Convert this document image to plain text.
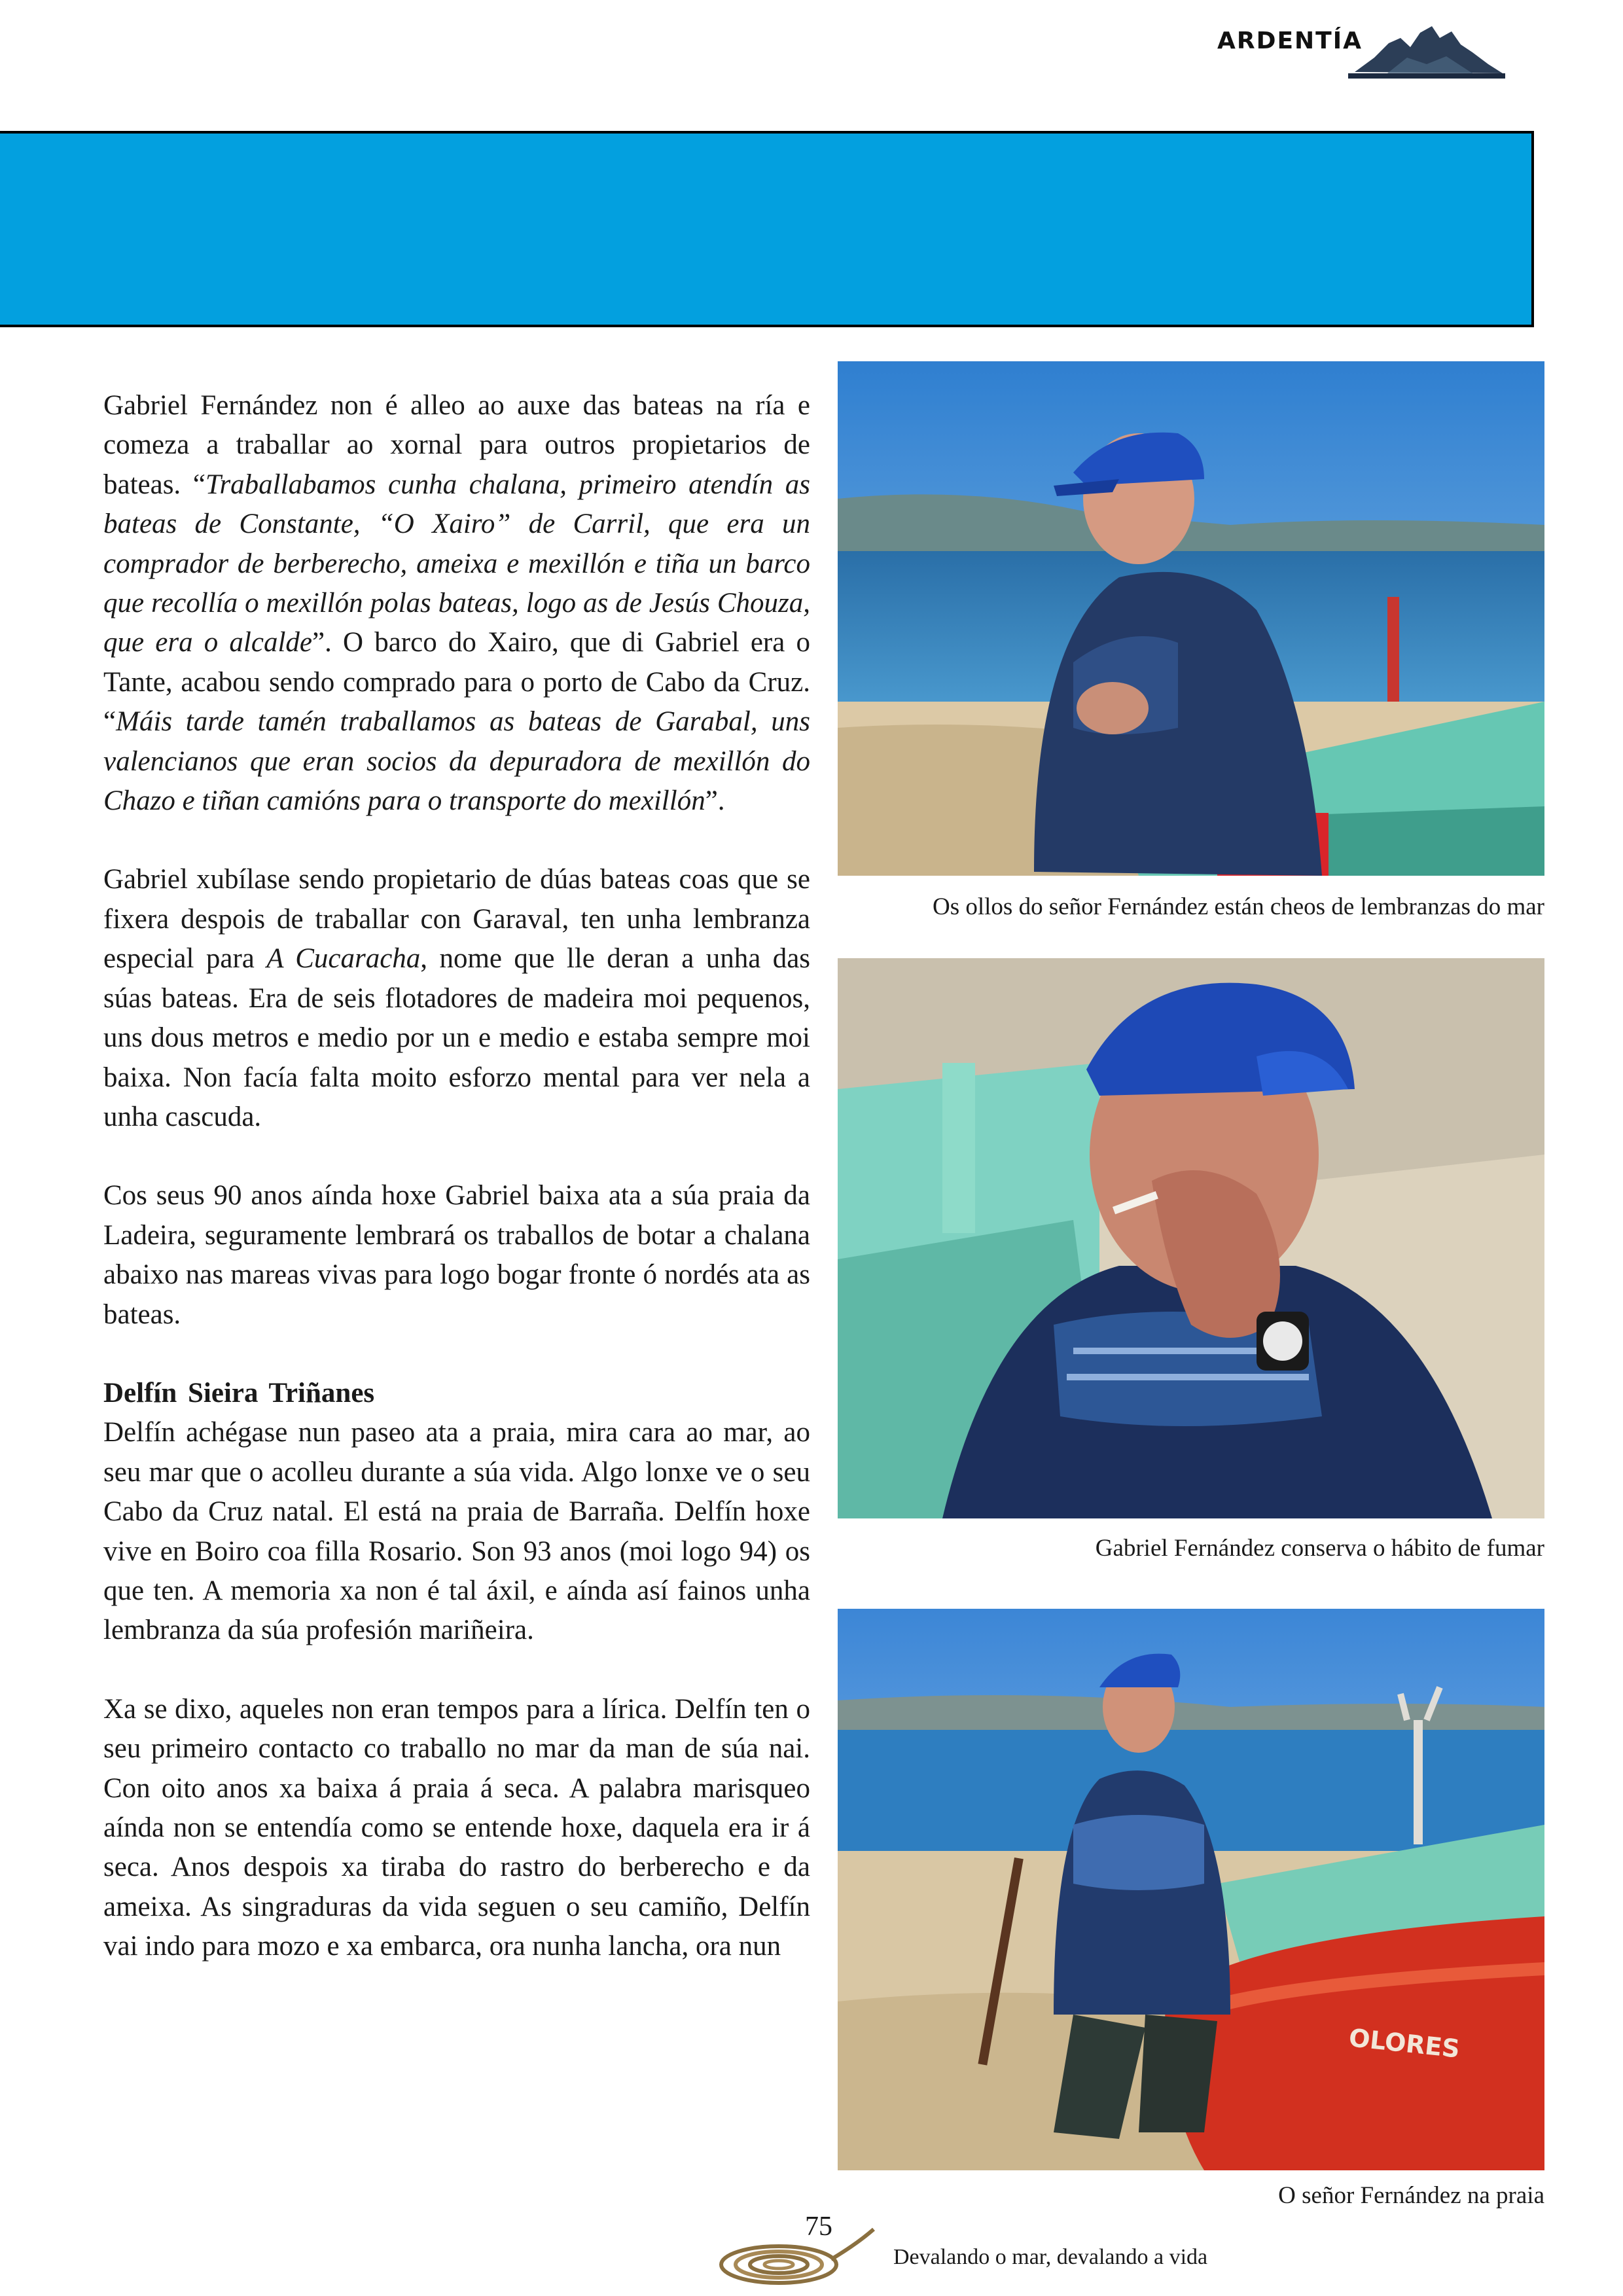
ARDENTÍA

Gabriel Fernández non é alleo ao auxe das bateas na ría e comeza a traballar ao xornal para outros propietarios de bateas. “Traballabamos cunha chalana, primeiro atendín as bateas de Constante, “O Xairo” de Carril, que era un comprador de berberecho, ameixa e mexillón e tiña un barco que recollía o mexillón polas bateas, logo as de Jesús Chouza, que era o alcalde”. O barco do Xairo, que di Gabriel era o Tante, acabou sendo comprado para o porto de Cabo da Cruz. “Máis tarde tamén traballamos as bateas de Garabal, uns valencianos que eran socios da depuradora de mexillón do Chazo e tiñan camións para o transporte do mexillón”.

Gabriel xubílase sendo propietario de dúas bateas coas que se fixera despois de traballar con Garaval, ten unha lembranza especial para A Cucaracha, nome que lle deran a unha das súas bateas. Era de seis flotadores de madeira moi pequenos, uns dous metros e medio por un e medio e estaba sempre moi baixa. Non facía falta moito esforzo mental para ver nela a unha cascuda.

Cos seus 90 anos aínda hoxe Gabriel baixa ata a súa praia da Ladeira, seguramente lembrará os traballos de botar a chalana abaixo nas mareas vivas para logo bogar fronte ó nordés ata as bateas.

Delfín Sieira Triñanes

Delfín achégase nun paseo ata a praia, mira cara ao mar, ao seu mar que o acolleu durante a súa vida. Algo lonxe ve o seu Cabo da Cruz natal. El está na praia de Barraña. Delfín hoxe vive en Boiro coa filla Rosario. Son 93 anos (moi logo 94) os que ten. A memoria xa non é tal áxil, e aínda así fainos unha lembranza da súa profesión mariñeira.

Xa se dixo, aqueles non eran tempos para a lírica. Delfín ten o seu primeiro contacto co traballo no mar da man de súa nai. Con oito anos xa baixa á praia á seca. A palabra marisqueo aínda non se entendía como se entende hoxe, daquela era ir á seca. Anos despois xa tiraba do rastro do berberecho e da ameixa. As singraduras da vida seguen o seu camiño, Delfín vai indo para mozo e xa embarca, ora nunha lancha, ora nun

Os ollos do señor Fernández están cheos de lembranzas do mar
Gabriel Fernández conserva o hábito de fumar
OLORES
O señor Fernández na praia
75
Devalando o mar, devalando a vida
